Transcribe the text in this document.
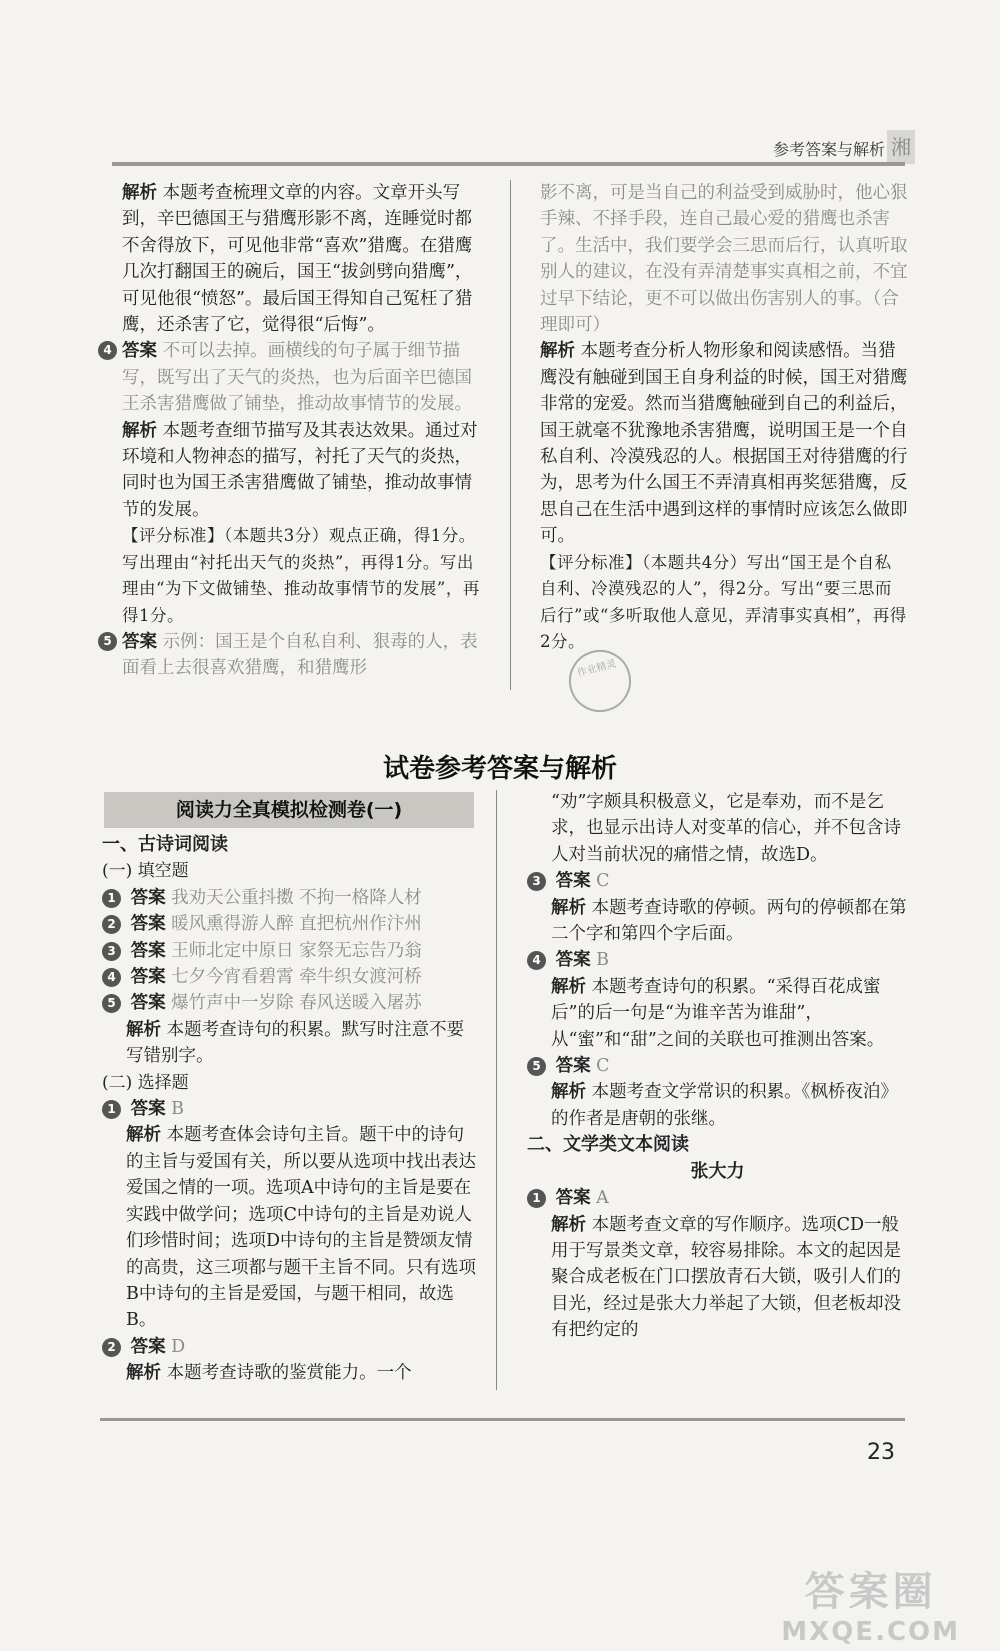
参考答案与解析 湘

解析 本题考查梳理文章的内容。文章开头写到，辛巴德国王与猎鹰形影不离，连睡觉时都不舍得放下，可见他非常“喜欢”猎鹰。在猎鹰几次打翻国王的碗后，国王“拔剑劈向猎鹰”，可见他很“愤怒”。最后国王得知自己冤枉了猎鹰，还杀害了它，觉得很“后悔”。

4 答案 不可以去掉。画横线的句子属于细节描写，既写出了天气的炎热，也为后面辛巴德国王杀害猎鹰做了铺垫，推动故事情节的发展。

解析 本题考查细节描写及其表达效果。通过对环境和人物神态的描写，衬托了天气的炎热，同时也为国王杀害猎鹰做了铺垫，推动故事情节的发展。

【评分标准】（本题共3分）观点正确，得1分。写出理由“衬托出天气的炎热”，再得1分。写出理由“为下文做铺垫、推动故事情节的发展”，再得1分。

5 答案 示例：国王是个自私自利、狠毒的人，表面看上去很喜欢猎鹰，和猎鹰形

影不离，可是当自己的利益受到威胁时，他心狠手辣、不择手段，连自己最心爱的猎鹰也杀害了。生活中，我们要学会三思而后行，认真听取别人的建议，在没有弄清楚事实真相之前，不宜过早下结论，更不可以做出伤害别人的事。（合理即可）

解析 本题考查分析人物形象和阅读感悟。当猎鹰没有触碰到国王自身利益的时候，国王对猎鹰非常的宠爱。然而当猎鹰触碰到自己的利益后，国王就毫不犹豫地杀害猎鹰，说明国王是一个自私自利、冷漠残忍的人。根据国王对待猎鹰的行为，思考为什么国王不弄清真相再奖惩猎鹰，反思自己在生活中遇到这样的事情时应该怎么做即可。

【评分标准】（本题共4分）写出“国王是个自私自利、冷漠残忍的人”，得2分。写出“要三思而后行”或“多听取他人意见，弄清事实真相”，再得2分。

作业精灵
试卷参考答案与解析
阅读力全真模拟检测卷(一)

一、古诗词阅读

(一) 填空题

1 答案 我劝天公重抖擞 不拘一格降人材

2 答案 暖风熏得游人醉 直把杭州作汴州

3 答案 王师北定中原日 家祭无忘告乃翁

4 答案 七夕今宵看碧霄 牵牛织女渡河桥

5 答案 爆竹声中一岁除 春风送暖入屠苏

解析 本题考查诗句的积累。默写时注意不要写错别字。

(二) 选择题

1 答案 B

解析 本题考查体会诗句主旨。题干中的诗句的主旨与爱国有关，所以要从选项中找出表达爱国之情的一项。选项A中诗句的主旨是要在实践中做学问；选项C中诗句的主旨是劝说人们珍惜时间；选项D中诗句的主旨是赞颂友情的高贵，这三项都与题干主旨不同。只有选项B中诗句的主旨是爱国，与题干相同，故选B。

2 答案 D

解析 本题考查诗歌的鉴赏能力。一个

“劝”字颇具积极意义，它是奉劝，而不是乞求，也显示出诗人对变革的信心，并不包含诗人对当前状况的痛惜之情，故选D。

3 答案 C

解析 本题考查诗歌的停顿。两句的停顿都在第二个字和第四个字后面。

4 答案 B

解析 本题考查诗句的积累。“采得百花成蜜后”的后一句是“为谁辛苦为谁甜”，从“蜜”和“甜”之间的关联也可推测出答案。

5 答案 C

解析 本题考查文学常识的积累。《枫桥夜泊》的作者是唐朝的张继。

二、文学类文本阅读

张大力

1 答案 A

解析 本题考查文章的写作顺序。选项CD一般用于写景类文章，较容易排除。本文的起因是聚合成老板在门口摆放青石大锁，吸引人们的目光，经过是张大力举起了大锁，但老板却没有把约定的

23
答案圈
MXQE.COM
